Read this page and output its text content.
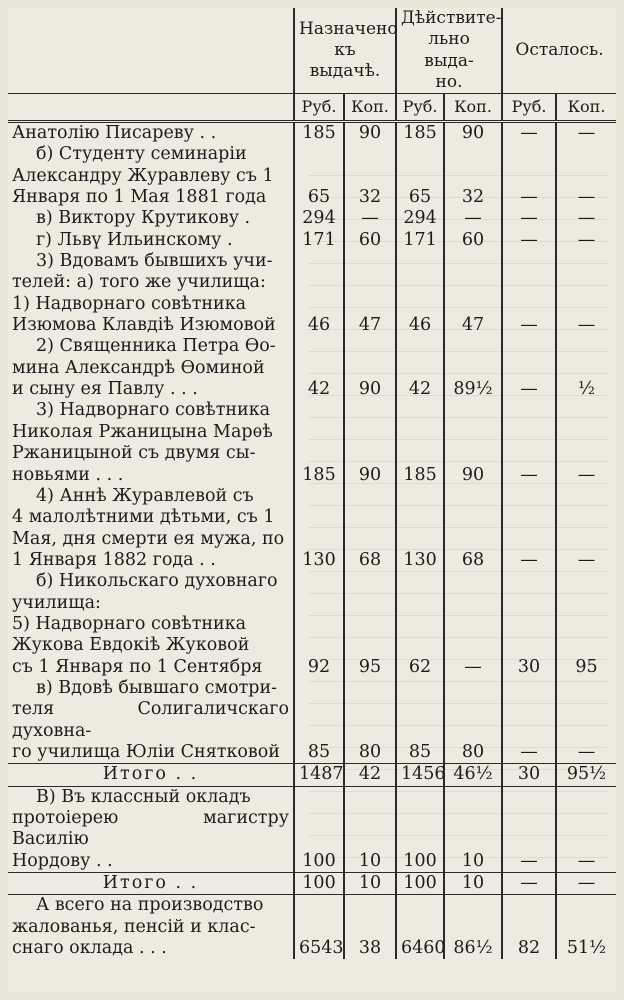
	Назначено къ выдачѣ.		Дѣйствите-
льно выда-
но.		Осталось.	
	Руб.	Коп.	Руб.	Коп.	Руб.	Коп.

Анатолію Писареву . .	185	90	185	90	—	—

б) Студенту семинаріи
Александру Журавлеву съ 1
Января по 1 Мая 1881 года	65	32	65	32	—	—

в) Виктору Крутикову .	294	—	294	—	—	—

г) Львү Ильинскому .	171	60	171	60	—	—

3) Вдовамъ бывшихъ учи-
телей: а) того же училища:
1) Надворнаго совѣтника
Изюмова Клавдіѣ Изюмовой	46	47	46	47	—	—

2) Священника Петра Ѳо-
мина Александрѣ Ѳоминой
и сыну ея Павлу . . .	42	90	42	89½	—	½

3) Надворнаго совѣтника
Николая Ржаницына Марѳѣ
Ржаницыной съ двумя сы-
новьями . . .	185	90	185	90	—	—

4) Аннѣ Журавлевой съ
4 малолѣтними дѣтьми, съ 1
Мая, дня смерти ея мужа, по
1 Января 1882 года . .	130	68	130	68	—	—

б) Никольскаго духовнаго
училища:
5) Надворнаго совѣтника
Жукова Евдокіѣ Жуковой
съ 1 Января по 1 Сентября	92	95	62	—	30	95

в) Вдовѣ бывшаго смотри-
теля Солигаличскаго духовна-
го училища Юліи Снятковой	85	80	85	80	—	—

Итого . .	1487	42	1456	46½	30	95½

В) Въ классный окладъ
протоіерею магистру Василію
Нордову . .	100	10	100	10	—	—

Итого . .	100	10	100	10	—	—

А всего на производство
жалованья, пенсій и клас-
снаго оклада . . .	6543	38	6460	86½	82	51½
